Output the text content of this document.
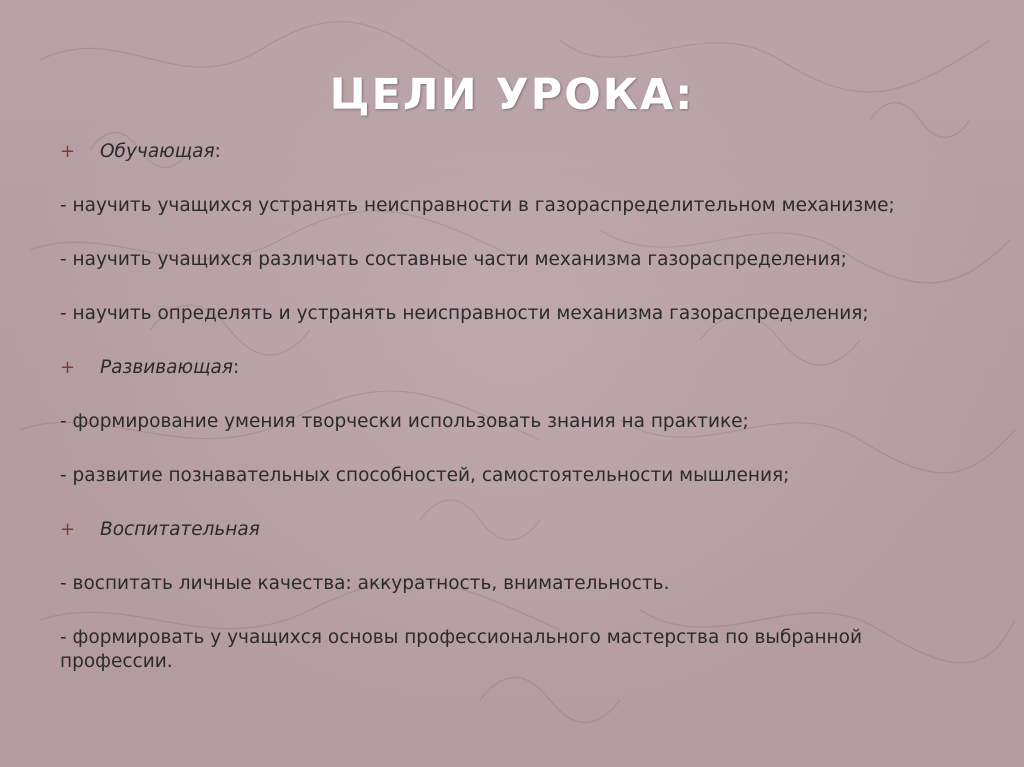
ЦЕЛИ УРОКА:
+	Обучающая:

- научить учащихся устранять неисправности в газораспределительном механизме;

- научить учащихся различать составные части механизма газораспределения;

- научить определять и устранять неисправности механизма газораспределения;

+	Развивающая:

- формирование умения творчески использовать знания на практике;

- развитие познавательных способностей, самостоятельности мышления;

+	Воспитательная

- воспитать личные качества: аккуратность, внимательность.

- формировать у учащихся основы профессионального мастерства по выбранной профессии.
